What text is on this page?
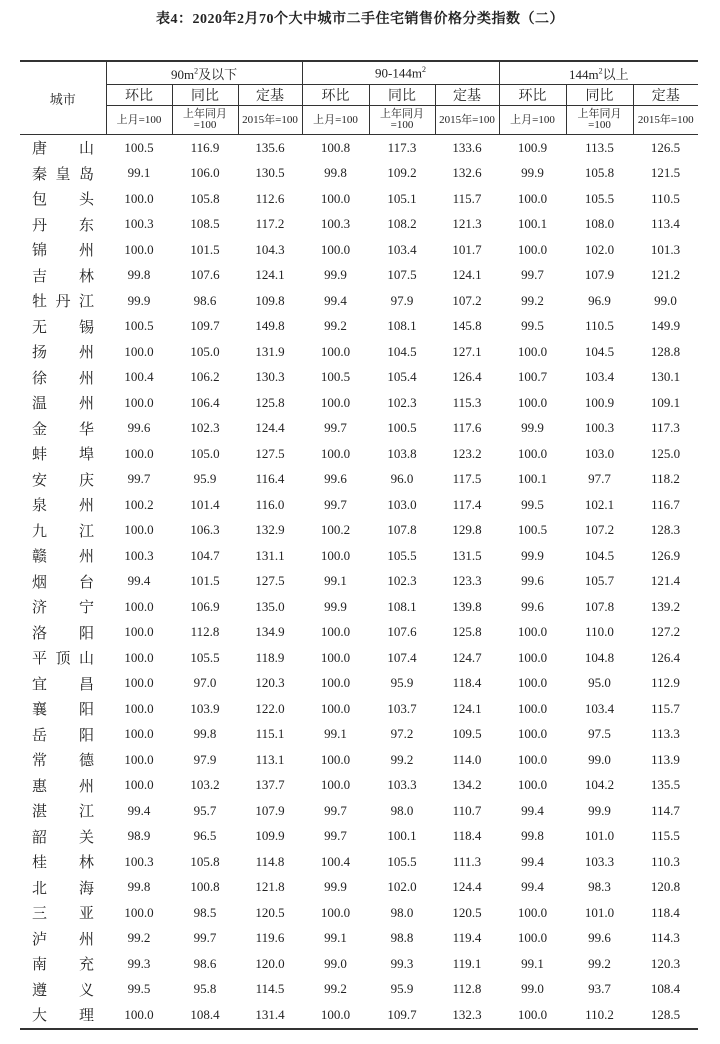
表4：2020年2月70个大中城市二手住宅销售价格分类指数（二）
城市	$90m^2$及以下			$90-144m^2$			$144m^2$以上		
	环比	同比	定基	环比	同比	定基	环比	同比	定基
	上月=100	上年同月=100	2015年=100	上月=100	上年同月=100	2015年=100	上月=100	上年同月=100	2015年=100
唐山	100.5	116.9	135.6	100.8	117.3	133.6	100.9	113.5	126.5
秦皇岛	99.1	106.0	130.5	99.8	109.2	132.6	99.9	105.8	121.5
包头	100.0	105.8	112.6	100.0	105.1	115.7	100.0	105.5	110.5
丹东	100.3	108.5	117.2	100.3	108.2	121.3	100.1	108.0	113.4
锦州	100.0	101.5	104.3	100.0	103.4	101.7	100.0	102.0	101.3
吉林	99.8	107.6	124.1	99.9	107.5	124.1	99.7	107.9	121.2
牡丹江	99.9	98.6	109.8	99.4	97.9	107.2	99.2	96.9	99.0
无锡	100.5	109.7	149.8	99.2	108.1	145.8	99.5	110.5	149.9
扬州	100.0	105.0	131.9	100.0	104.5	127.1	100.0	104.5	128.8
徐州	100.4	106.2	130.3	100.5	105.4	126.4	100.7	103.4	130.1
温州	100.0	106.4	125.8	100.0	102.3	115.3	100.0	100.9	109.1
金华	99.6	102.3	124.4	99.7	100.5	117.6	99.9	100.3	117.3
蚌埠	100.0	105.0	127.5	100.0	103.8	123.2	100.0	103.0	125.0
安庆	99.7	95.9	116.4	99.6	96.0	117.5	100.1	97.7	118.2
泉州	100.2	101.4	116.0	99.7	103.0	117.4	99.5	102.1	116.7
九江	100.0	106.3	132.9	100.2	107.8	129.8	100.5	107.2	128.3
赣州	100.3	104.7	131.1	100.0	105.5	131.5	99.9	104.5	126.9
烟台	99.4	101.5	127.5	99.1	102.3	123.3	99.6	105.7	121.4
济宁	100.0	106.9	135.0	99.9	108.1	139.8	99.6	107.8	139.2
洛阳	100.0	112.8	134.9	100.0	107.6	125.8	100.0	110.0	127.2
平顶山	100.0	105.5	118.9	100.0	107.4	124.7	100.0	104.8	126.4
宜昌	100.0	97.0	120.3	100.0	95.9	118.4	100.0	95.0	112.9
襄阳	100.0	103.9	122.0	100.0	103.7	124.1	100.0	103.4	115.7
岳阳	100.0	99.8	115.1	99.1	97.2	109.5	100.0	97.5	113.3
常德	100.0	97.9	113.1	100.0	99.2	114.0	100.0	99.0	113.9
惠州	100.0	103.2	137.7	100.0	103.3	134.2	100.0	104.2	135.5
湛江	99.4	95.7	107.9	99.7	98.0	110.7	99.4	99.9	114.7
韶关	98.9	96.5	109.9	99.7	100.1	118.4	99.8	101.0	115.5
桂林	100.3	105.8	114.8	100.4	105.5	111.3	99.4	103.3	110.3
北海	99.8	100.8	121.8	99.9	102.0	124.4	99.4	98.3	120.8
三亚	100.0	98.5	120.5	100.0	98.0	120.5	100.0	101.0	118.4
泸州	99.2	99.7	119.6	99.1	98.8	119.4	100.0	99.6	114.3
南充	99.3	98.6	120.0	99.0	99.3	119.1	99.1	99.2	120.3
遵义	99.5	95.8	114.5	99.2	95.9	112.8	99.0	93.7	108.4
大理	100.0	108.4	131.4	100.0	109.7	132.3	100.0	110.2	128.5
